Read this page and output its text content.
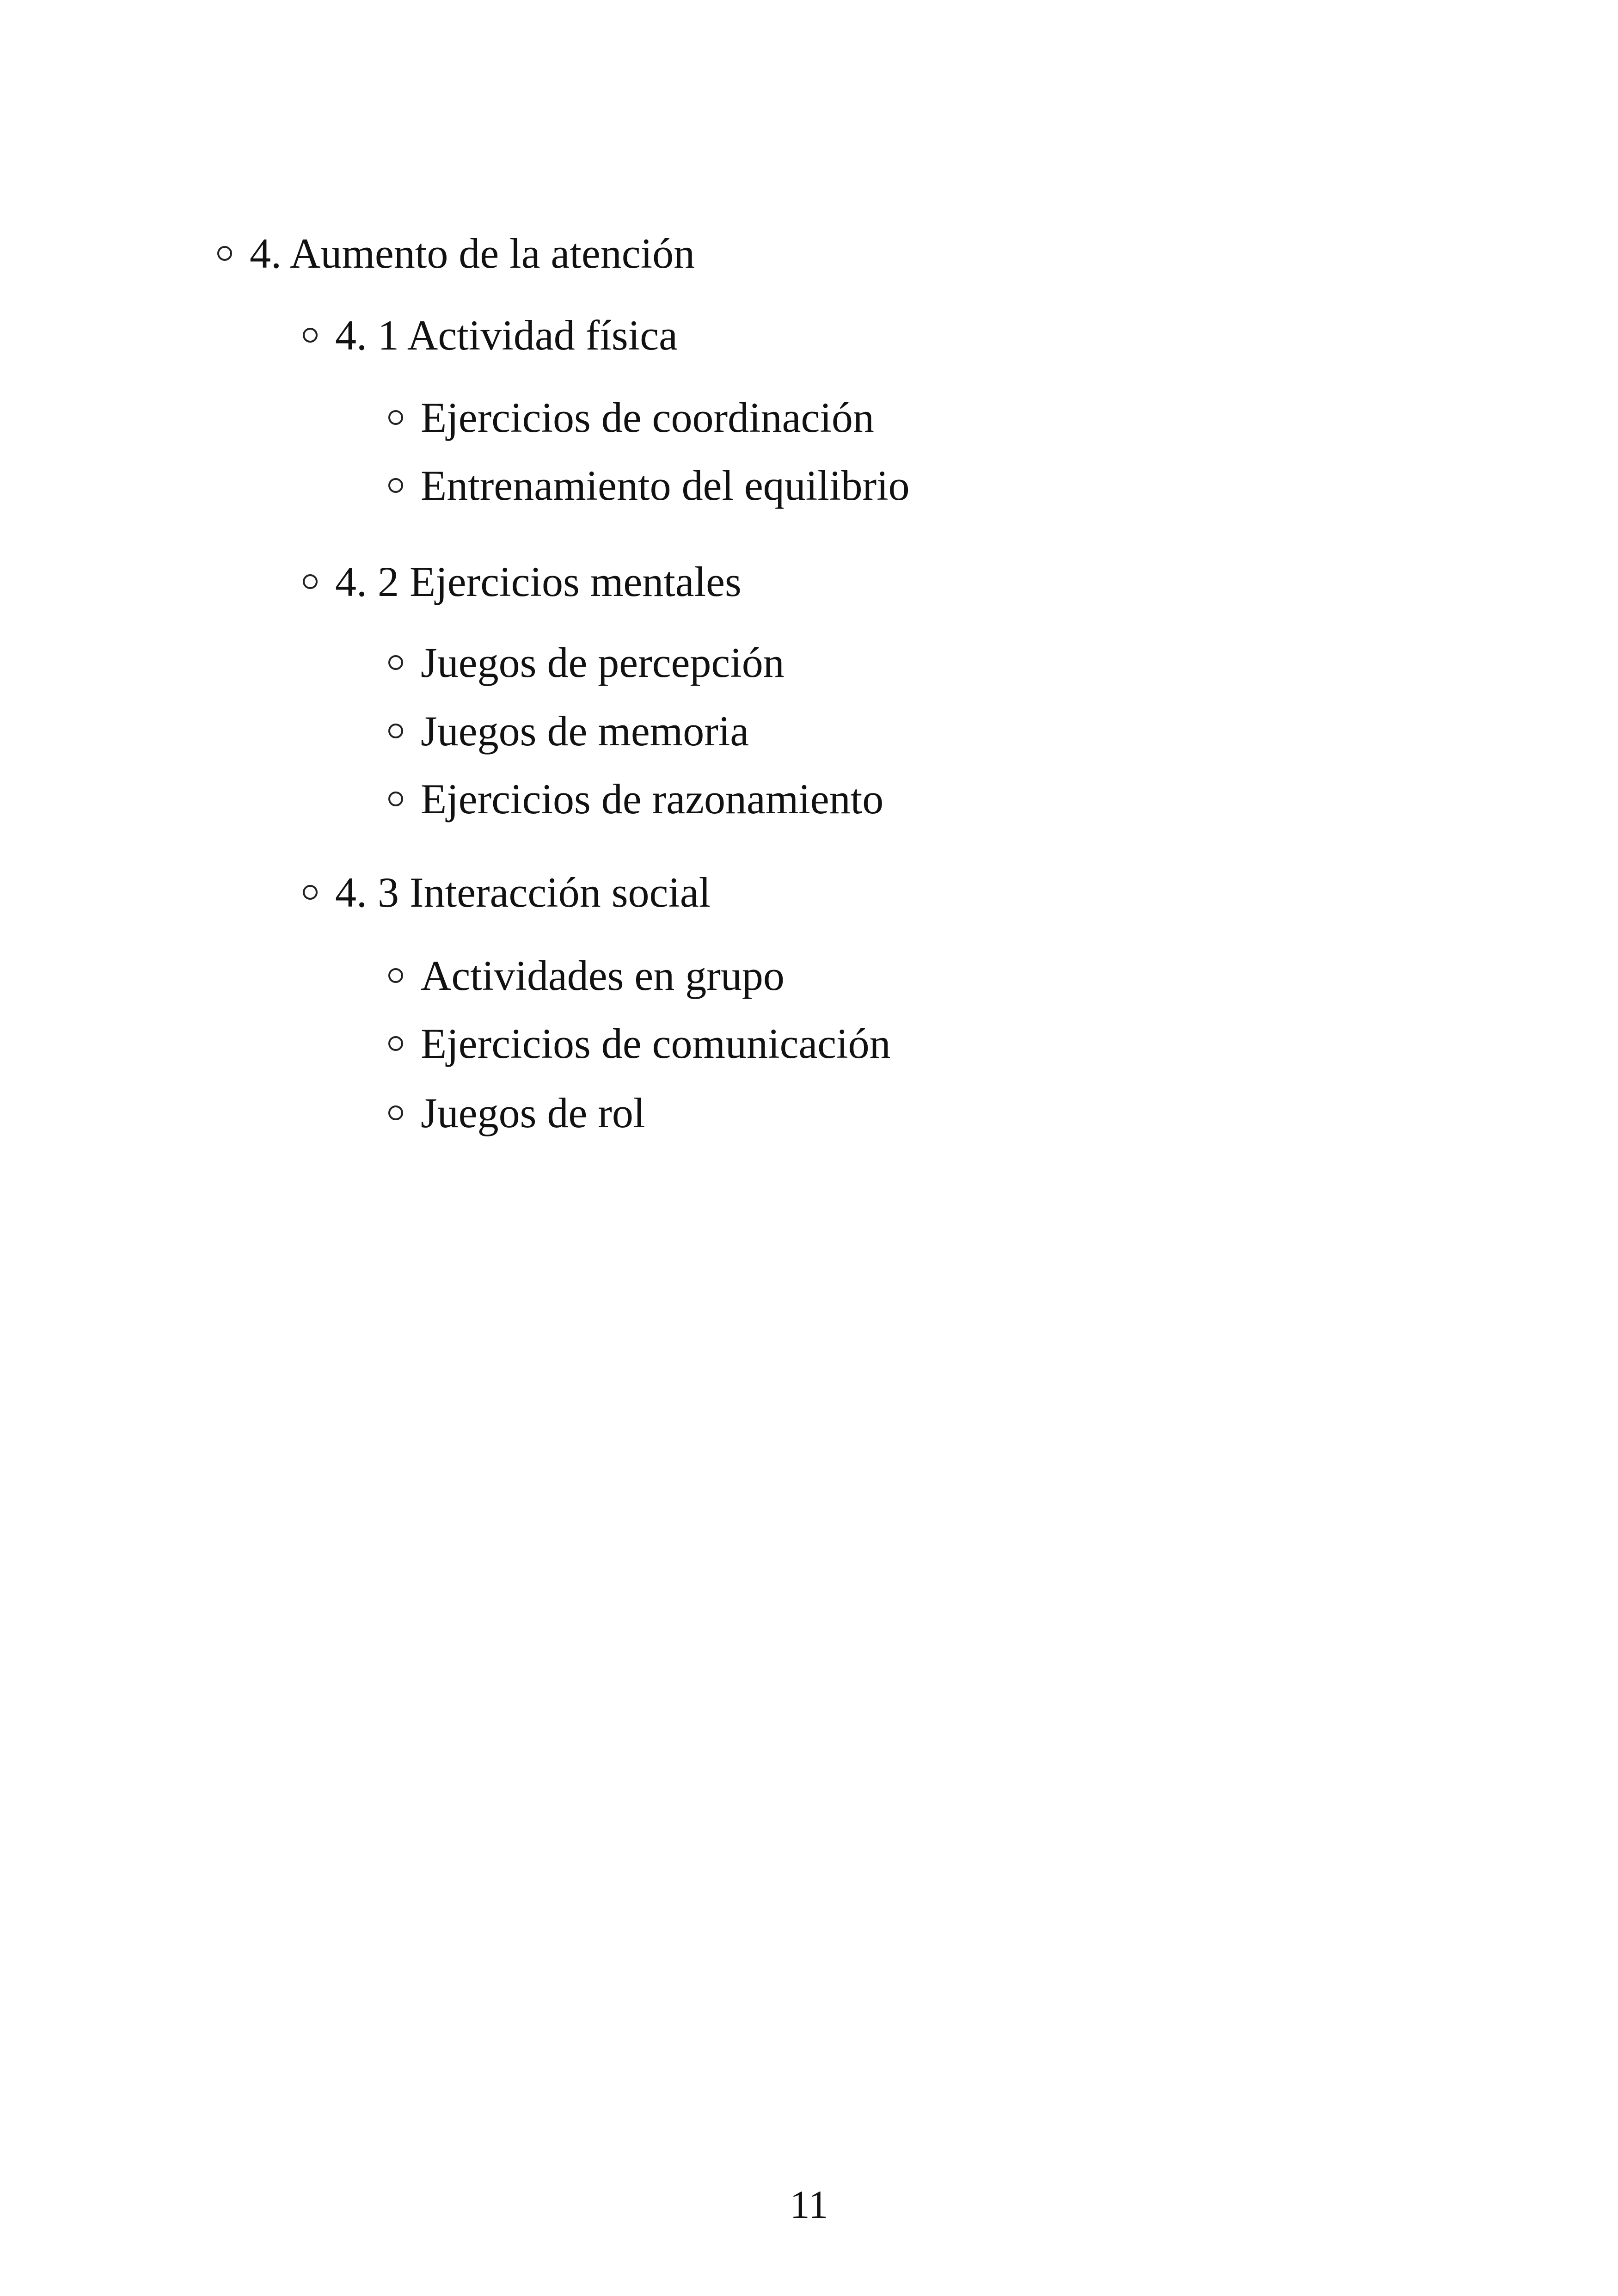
4. Aumento de la atención
4. 1 Actividad física
Ejercicios de coordinación
Entrenamiento del equilibrio
4. 2 Ejercicios mentales
Juegos de percepción
Juegos de memoria
Ejercicios de razonamiento
4. 3 Interacción social
Actividades en grupo
Ejercicios de comunicación
Juegos de rol
11
